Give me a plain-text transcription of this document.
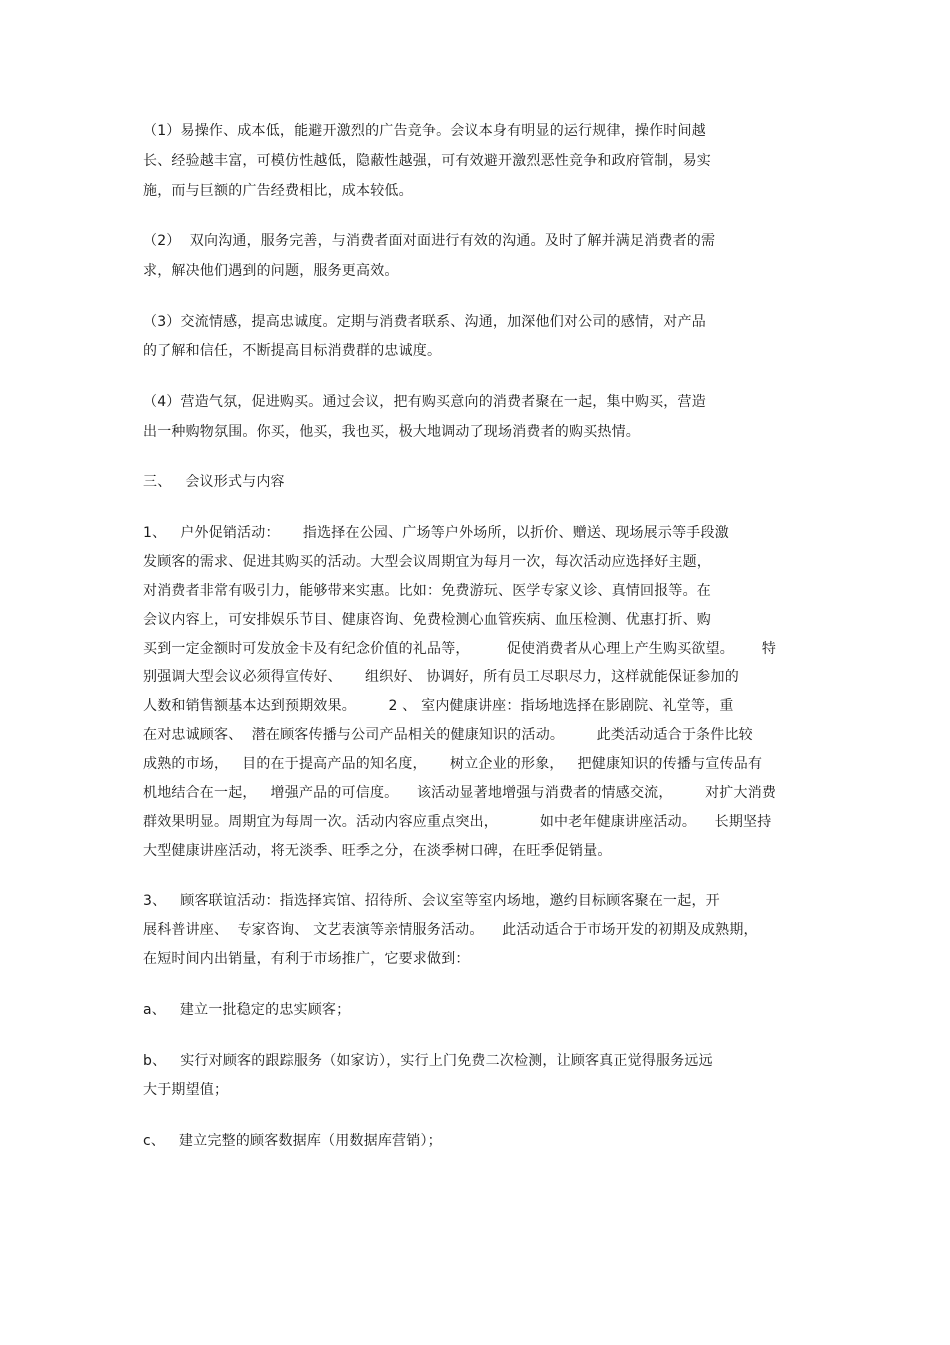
（1）易操作、成本低，能避开激烈的广告竞争。会议本身有明显的运行规律，操作时间越
长、经验越丰富，可模仿性越低，隐蔽性越强，可有效避开激烈恶性竞争和政府管制，易实
施，而与巨额的广告经费相比，成本较低。
（2）  双向沟通，服务完善，与消费者面对面进行有效的沟通。及时了解并满足消费者的需
求，解决他们遇到的问题，服务更高效。
（3）交流情感，提高忠诚度。定期与消费者联系、沟通，加深他们对公司的感情，对产品
的了解和信任，不断提高目标消费群的忠诚度。
（4）营造气氛，促进购买。通过会议，把有购买意向的消费者聚在一起，集中购买，营造
出一种购物氛围。你买，他买，我也买，极大地调动了现场消费者的购买热情。
三、   会议形式与内容
1、   户外促销活动：     指选择在公园、广场等户外场所，以折价、赠送、现场展示等手段激
发顾客的需求、促进其购买的活动。大型会议周期宜为每月一次，每次活动应选择好主题，
对消费者非常有吸引力，能够带来实惠。比如：免费游玩、医学专家义诊、真情回报等。在
会议内容上，可安排娱乐节目、健康咨询、免费检测心血管疾病、血压检测、优惠打折、购
买到一定金额时可发放金卡及有纪念价值的礼品等，        促使消费者从心理上产生购买欲望。      特
别强调大型会议必须得宣传好、     组织好、 协调好，所有员工尽职尽力，这样就能保证参加的
人数和销售额基本达到预期效果。       2 、 室内健康讲座：指场地选择在影剧院、礼堂等，重
在对忠诚顾客、  潜在顾客传播与公司产品相关的健康知识的活动。       此类活动适合于条件比较
成熟的市场，   目的在于提高产品的知名度，     树立企业的形象，   把健康知识的传播与宣传品有
机地结合在一起，   增强产品的可信度。    该活动显著地增强与消费者的情感交流，       对扩大消费
群效果明显。周期宜为每周一次。活动内容应重点突出，         如中老年健康讲座活动。    长期坚持
大型健康讲座活动，将无淡季、旺季之分，在淡季树口碑，在旺季促销量。
3、   顾客联谊活动：指选择宾馆、招待所、会议室等室内场地，邀约目标顾客聚在一起，开
展科普讲座、  专家咨询、 文艺表演等亲情服务活动。    此活动适合于市场开发的初期及成熟期，
在短时间内出销量，有利于市场推广，它要求做到：
a、   建立一批稳定的忠实顾客；
b、   实行对顾客的跟踪服务（如家访），实行上门免费二次检测，让顾客真正觉得服务远远
大于期望值；
c、   建立完整的顾客数据库（用数据库营销）；
